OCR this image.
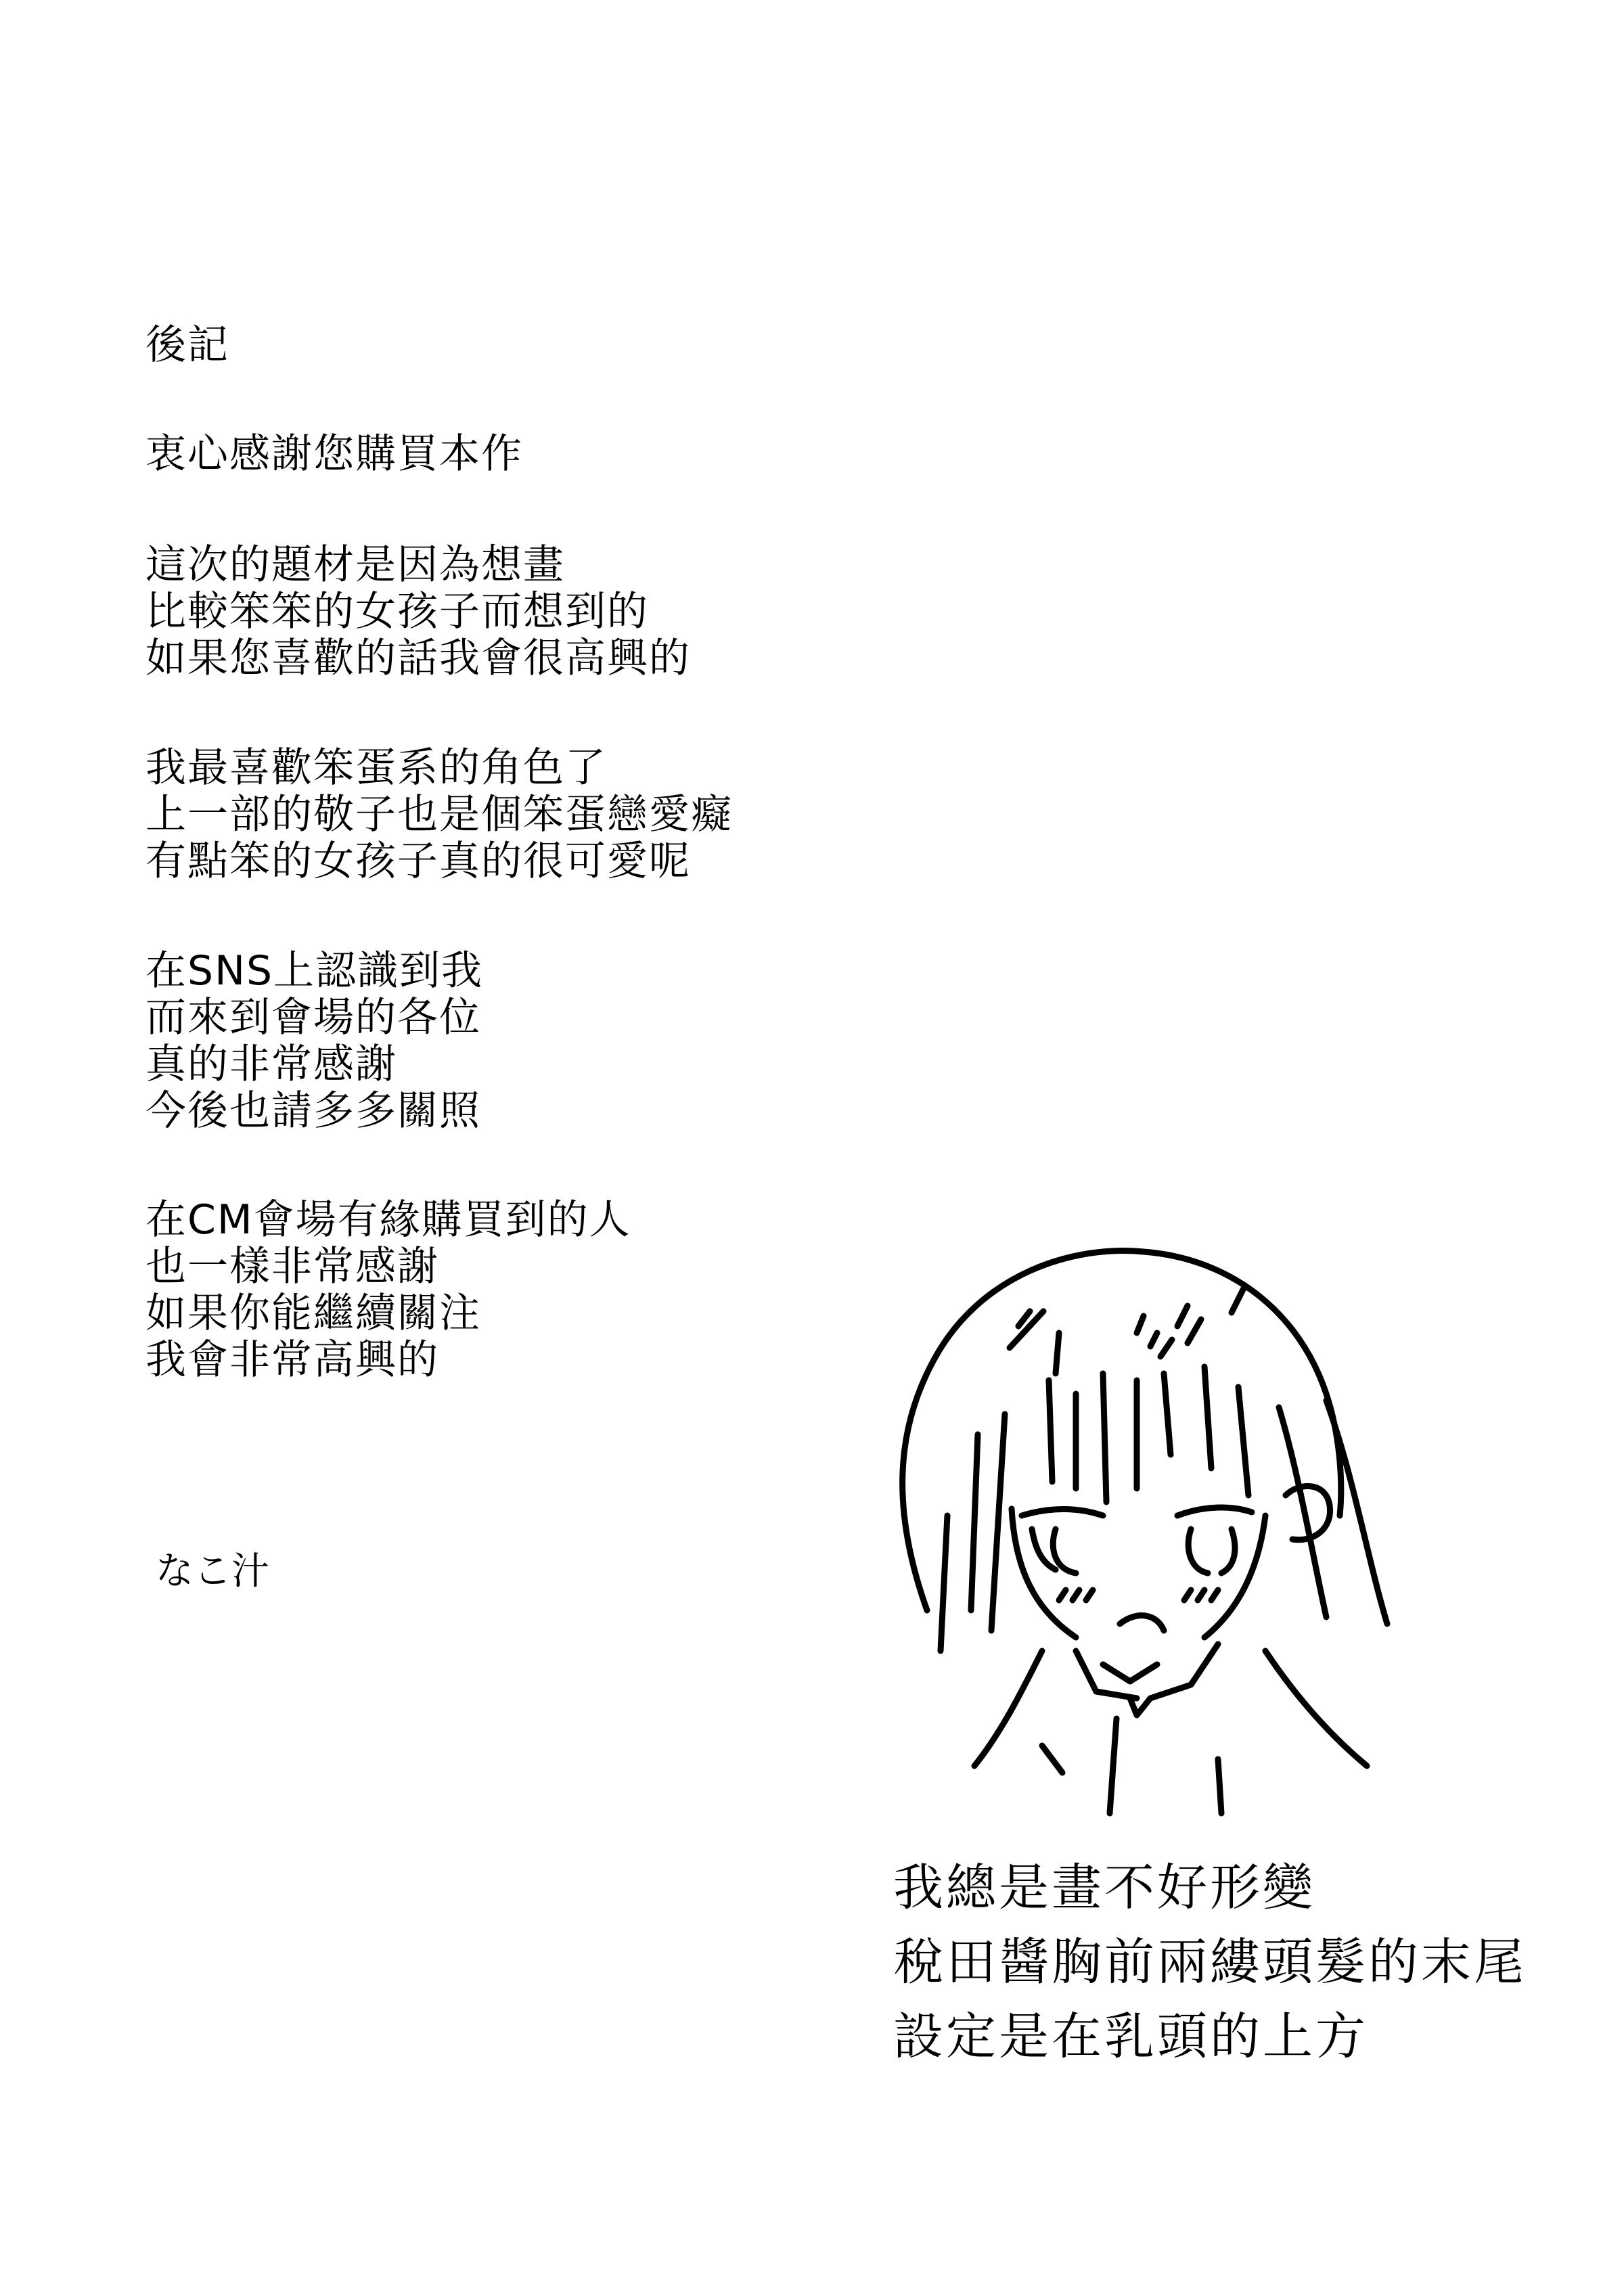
後記
衷心感謝您購買本作
這次的題材是因為想畫
比較笨笨的女孩子而想到的
如果您喜歡的話我會很高興的
我最喜歡笨蛋系的角色了
上一部的敬子也是個笨蛋戀愛癡
有點笨的女孩子真的很可愛呢
在SNS上認識到我
而來到會場的各位
真的非常感謝
今後也請多多關照
在CM會場有緣購買到的人
也一樣非常感謝
如果你能繼續關注
我會非常高興的
なこ汁
我總是畫不好形變
稅田醬胸前兩縷頭髮的末尾
設定是在乳頭的上方
